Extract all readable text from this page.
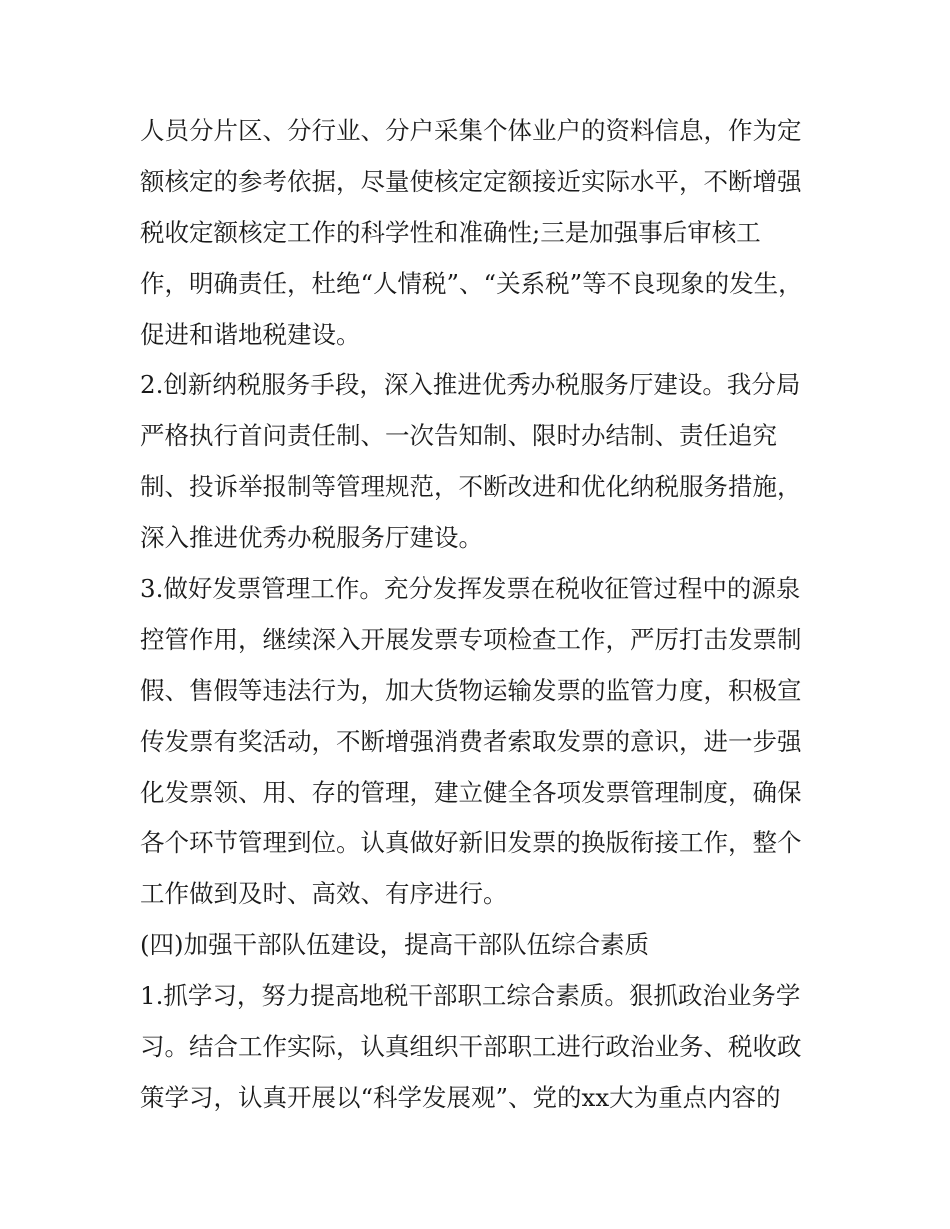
人员分片区、分行业、分户采集个体业户的资料信息，作为定
额核定的参考依据，尽量使核定定额接近实际水平，不断增强
税收定额核定工作的科学性和准确性;三是加强事后审核工
作，明确责任，杜绝“人情税”、“关系税”等不良现象的发生，
促进和谐地税建设。
2.创新纳税服务手段，深入推进优秀办税服务厅建设。我分局
严格执行首问责任制、一次告知制、限时办结制、责任追究
制、投诉举报制等管理规范，不断改进和优化纳税服务措施，
深入推进优秀办税服务厅建设。
3.做好发票管理工作。充分发挥发票在税收征管过程中的源泉
控管作用，继续深入开展发票专项检查工作，严厉打击发票制
假、售假等违法行为，加大货物运输发票的监管力度，积极宣
传发票有奖活动，不断增强消费者索取发票的意识，进一步强
化发票领、用、存的管理，建立健全各项发票管理制度，确保
各个环节管理到位。认真做好新旧发票的换版衔接工作，整个
工作做到及时、高效、有序进行。
(四)加强干部队伍建设，提高干部队伍综合素质
1.抓学习，努力提高地税干部职工综合素质。狠抓政治业务学
习。结合工作实际，认真组织干部职工进行政治业务、税收政
策学习，认真开展以“科学发展观”、党的xx大为重点内容的
